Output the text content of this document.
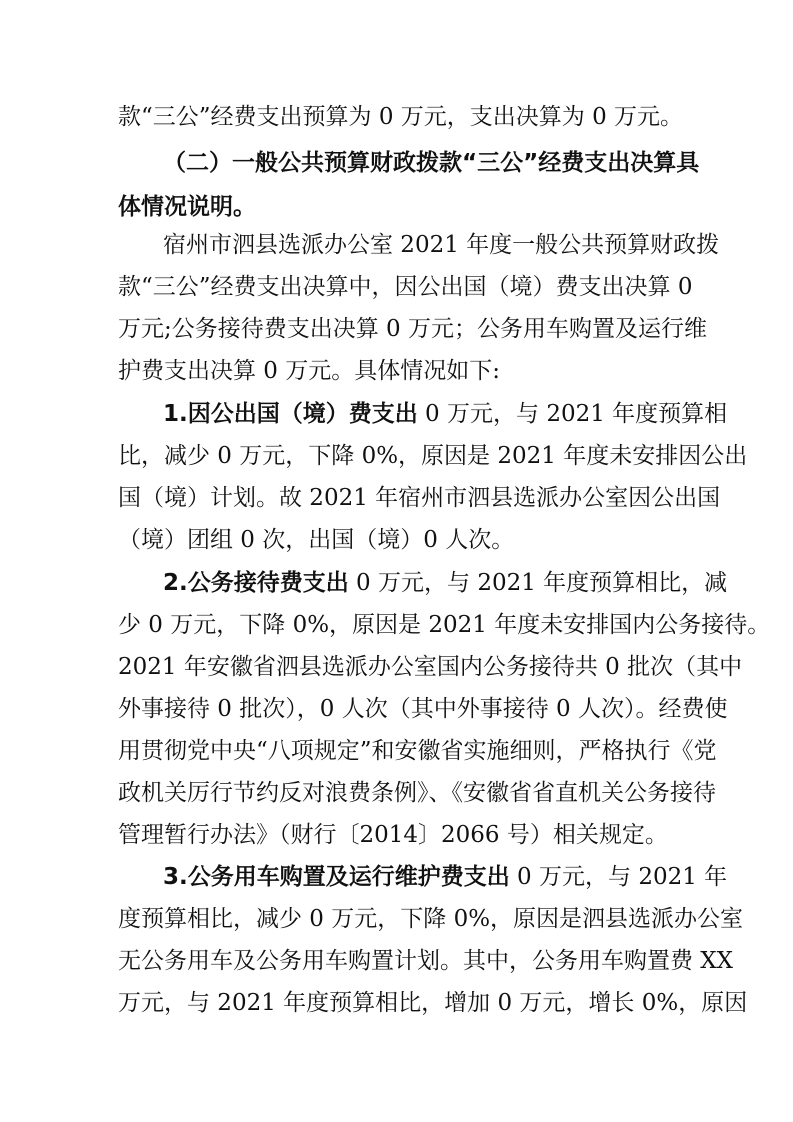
款“三公”经费支出预算为 0 万元，支出决算为 0 万元。
（二）一般公共预算财政拨款“三公”经费支出决算具
体情况说明。
宿州市泗县选派办公室 2021 年度一般公共预算财政拨
款“三公”经费支出决算中，因公出国（境）费支出决算 0
万元;公务接待费支出决算 0 万元；公务用车购置及运行维
护费支出决算 0 万元。具体情况如下:
1.因公出国（境）费支出 0 万元，与 2021 年度预算相
比，减少 0 万元，下降 0%，原因是 2021 年度未安排因公出
国（境）计划。故 2021 年宿州市泗县选派办公室因公出国
（境）团组 0 次，出国（境）0 人次。
2.公务接待费支出 0 万元，与 2021 年度预算相比，减
少 0 万元，下降 0%，原因是 2021 年度未安排国内公务接待。
2021 年安徽省泗县选派办公室国内公务接待共 0 批次（其中
外事接待 0 批次），0 人次（其中外事接待 0 人次）。经费使
用贯彻党中央“八项规定”和安徽省实施细则，严格执行《党
政机关厉行节约反对浪费条例》、《安徽省省直机关公务接待
管理暂行办法》（财行〔2014〕2066 号）相关规定。
3.公务用车购置及运行维护费支出 0 万元，与 2021 年
度预算相比，减少 0 万元，下降 0%，原因是泗县选派办公室
无公务用车及公务用车购置计划。其中，公务用车购置费 XX
万元，与 2021 年度预算相比，增加 0 万元，增长 0%，原因
